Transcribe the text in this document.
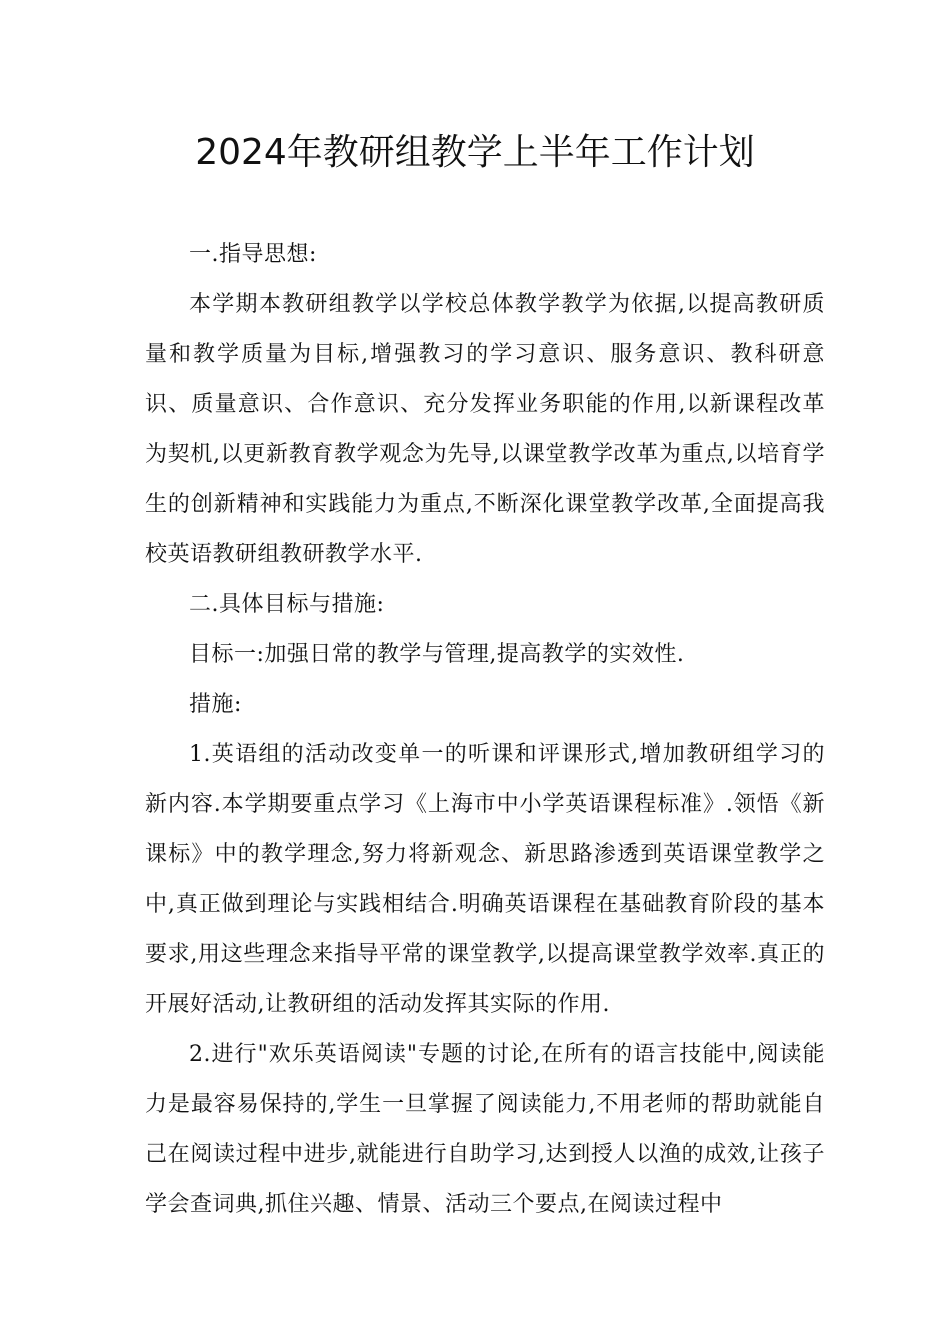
2024年教研组教学上半年工作计划

一.指导思想:

本学期本教研组教学以学校总体教学教学为依据,以提高教研质量和教学质量为目标,增强教习的学习意识、服务意识、教科研意识、质量意识、合作意识、充分发挥业务职能的作用,以新课程改革为契机,以更新教育教学观念为先导,以课堂教学改革为重点,以培育学生的创新精神和实践能力为重点,不断深化课堂教学改革,全面提高我校英语教研组教研教学水平.

二.具体目标与措施:

目标一:加强日常的教学与管理,提高教学的实效性.

措施:

1.英语组的活动改变单一的听课和评课形式,增加教研组学习的新内容.本学期要重点学习《上海市中小学英语课程标准》.领悟《新课标》中的教学理念,努力将新观念、新思路渗透到英语课堂教学之中,真正做到理论与实践相结合.明确英语课程在基础教育阶段的基本要求,用这些理念来指导平常的课堂教学,以提高课堂教学效率.真正的开展好活动,让教研组的活动发挥其实际的作用.

2.进行"欢乐英语阅读"专题的讨论,在所有的语言技能中,阅读能力是最容易保持的,学生一旦掌握了阅读能力,不用老师的帮助就能自己在阅读过程中进步,就能进行自助学习,达到授人以渔的成效,让孩子学会查词典,抓住兴趣、情景、活动三个要点,在阅读过程中
